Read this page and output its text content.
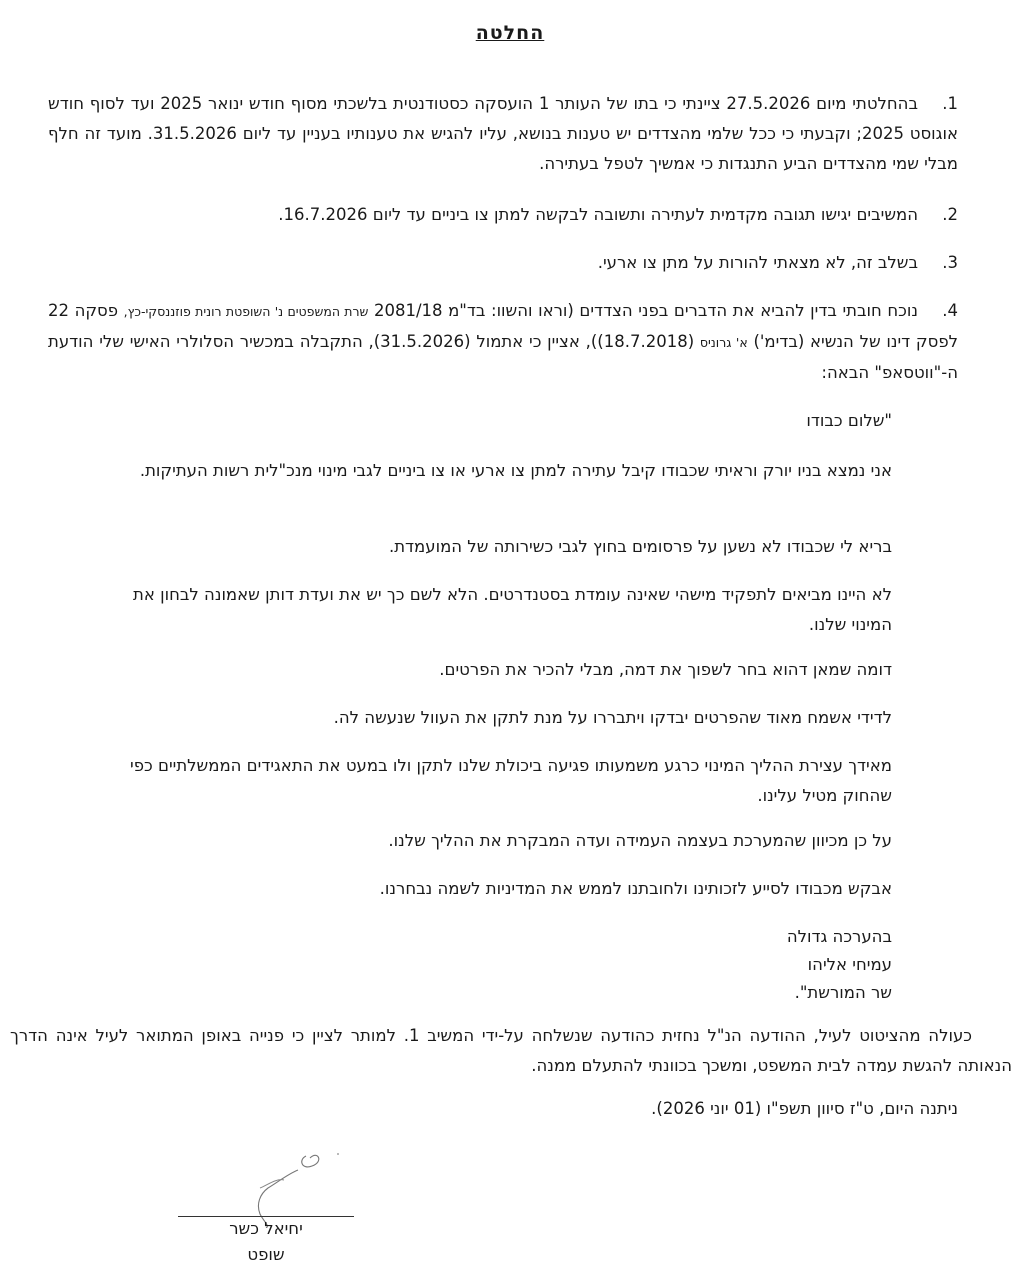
החלטה
1.בהחלטתי מיום 27.5.2026 ציינתי כי בתו של העותר 1 הועסקה כסטודנטית בלשכתי מסוף חודש ינואר 2025 ועד לסוף חודש אוגוסט 2025; וקבעתי כי ככל שלמי מהצדדים יש טענות בנושא, עליו להגיש את טענותיו בעניין עד ליום 31.5.2026. מועד זה חלף מבלי שמי מהצדדים הביע התנגדות כי אמשיך לטפל בעתירה.
2.המשיבים יגישו תגובה מקדמית לעתירה ותשובה לבקשה למתן צו ביניים עד ליום 16.7.2026.
3.בשלב זה, לא מצאתי להורות על מתן צו ארעי.
4.נוכח חובתי בדין להביא את הדברים בפני הצדדים (וראו והשוו: בד"מ 2081/18 שרת המשפטים נ' השופטת רונית פוזננסקי-כץ, פסקה 22 לפסק דינו של הנשיא (בדימ') א' גרוניס (18.7.2018)), אציין כי אתמול (31.5.2026), התקבלה במכשיר הסלולרי האישי שלי הודעת ה-"ווטסאפ" הבאה:
"שלום כבודו
אני נמצא בניו יורק וראיתי שכבודו קיבל עתירה למתן צו ארעי או צו ביניים לגבי מינוי מנכ"לית רשות העתיקות.
בריא לי שכבודו לא נשען על פרסומים בחוץ לגבי כשירותה של המועמדת.
לא היינו מביאים לתפקיד מישהי שאינה עומדת בסטנדרטים. הלא לשם כך יש את ועדת דותן שאמונה לבחון את המינוי שלנו.
דומה שמאן דהוא בחר לשפוך את דמה, מבלי להכיר את הפרטים.
לדידי אשמח מאוד שהפרטים יבדקו ויתבררו על מנת לתקן את העוול שנעשה לה.
מאידך עצירת ההליך המינוי כרגע משמעותו פגיעה ביכולת שלנו לתקן ולו במעט את התאגידים הממשלתיים כפי שהחוק מטיל עלינו.
על כן מכיוון שהמערכת בעצמה העמידה ועדה המבקרת את ההליך שלנו.
אבקש מכבודו לסייע לזכותינו ולחובתנו לממש את המדיניות לשמה נבחרנו.
בהערכה גדולה
עמיחי אליהו
שר המורשת".
כעולה מהציטוט לעיל, ההודעה הנ"ל נחזית כהודעה שנשלחה על-ידי המשיב 1. למותר לציין כי פנייה באופן המתואר לעיל אינה הדרך הנאותה להגשת עמדה לבית המשפט, ומשכך בכוונתי להתעלם ממנה.
ניתנה היום, ט"ז סיוון תשפ"ו (01 יוני 2026).
יחיאל כשר
שופט
